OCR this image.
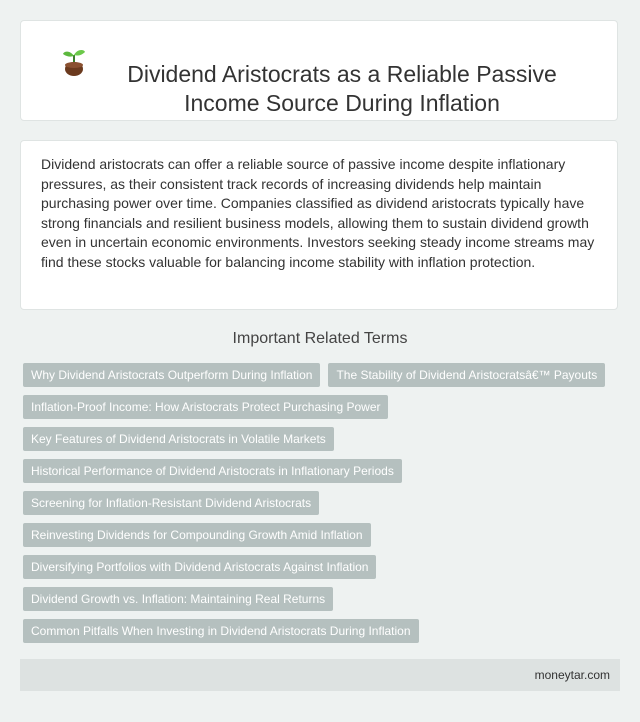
Dividend Aristocrats as a Reliable Passive Income Source During Inflation

Dividend aristocrats can offer a reliable source of passive income despite inflationary pressures, as their consistent track records of increasing dividends help maintain purchasing power over time. Companies classified as dividend aristocrats typically have strong financials and resilient business models, allowing them to sustain dividend growth even in uncertain economic environments. Investors seeking steady income streams may find these stocks valuable for balancing income stability with inflation protection.

Important Related Terms
Why Dividend Aristocrats Outperform During Inflation	The Stability of Dividend Aristocratsâ€™ Payouts
Inflation-Proof Income: How Aristocrats Protect Purchasing Power
Key Features of Dividend Aristocrats in Volatile Markets
Historical Performance of Dividend Aristocrats in Inflationary Periods
Screening for Inflation-Resistant Dividend Aristocrats
Reinvesting Dividends for Compounding Growth Amid Inflation
Diversifying Portfolios with Dividend Aristocrats Against Inflation
Dividend Growth vs. Inflation: Maintaining Real Returns
Common Pitfalls When Investing in Dividend Aristocrats During Inflation
moneytar.com
